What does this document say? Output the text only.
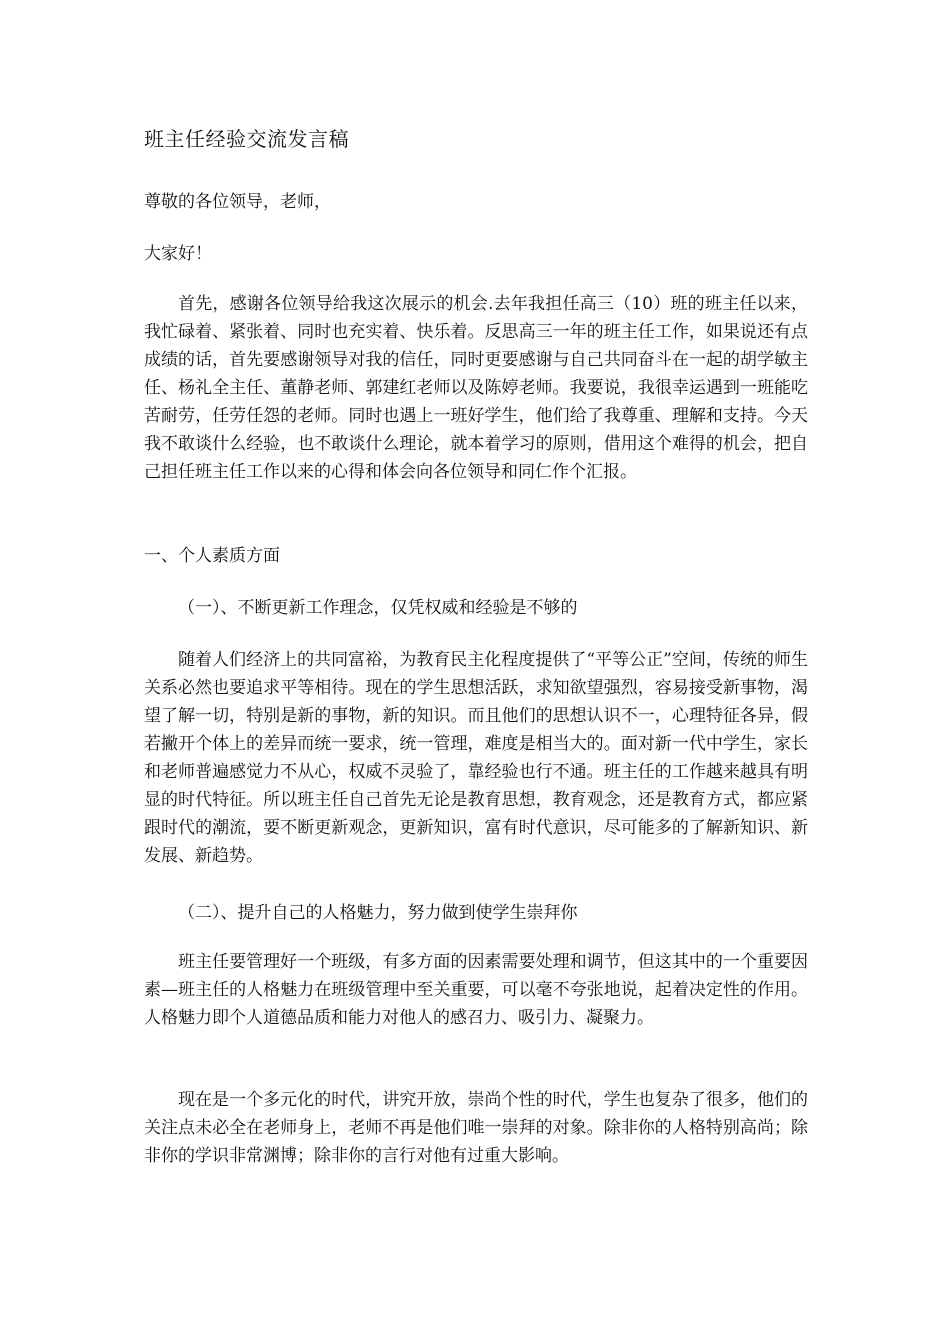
班主任经验交流发言稿

尊敬的各位领导，老师，

大家好！

首先，感谢各位领导给我这次展示的机会.去年我担任高三（10）班的班主任以来，我忙碌着、紧张着、同时也充实着、快乐着。反思高三一年的班主任工作，如果说还有点成绩的话，首先要感谢领导对我的信任，同时更要感谢与自己共同奋斗在一起的胡学敏主任、杨礼全主任、董静老师、郭建红老师以及陈婷老师。我要说，我很幸运遇到一班能吃苦耐劳，任劳任怨的老师。同时也遇上一班好学生，他们给了我尊重、理解和支持。今天我不敢谈什么经验，也不敢谈什么理论，就本着学习的原则，借用这个难得的机会，把自己担任班主任工作以来的心得和体会向各位领导和同仁作个汇报。

一、个人素质方面

（一）、不断更新工作理念，仅凭权威和经验是不够的

随着人们经济上的共同富裕，为教育民主化程度提供了“平等公正”空间，传统的师生关系必然也要追求平等相待。现在的学生思想活跃，求知欲望强烈，容易接受新事物，渴望了解一切，特别是新的事物，新的知识。而且他们的思想认识不一，心理特征各异，假若撇开个体上的差异而统一要求，统一管理，难度是相当大的。面对新一代中学生，家长和老师普遍感觉力不从心，权威不灵验了，靠经验也行不通。班主任的工作越来越具有明显的时代特征。所以班主任自己首先无论是教育思想，教育观念，还是教育方式，都应紧跟时代的潮流，要不断更新观念，更新知识，富有时代意识，尽可能多的了解新知识、新发展、新趋势。

（二）、提升自己的人格魅力，努力做到使学生崇拜你

班主任要管理好一个班级，有多方面的因素需要处理和调节，但这其中的一个重要因素—班主任的人格魅力在班级管理中至关重要，可以毫不夸张地说，起着决定性的作用。人格魅力即个人道德品质和能力对他人的感召力、吸引力、凝聚力。

现在是一个多元化的时代，讲究开放，崇尚个性的时代，学生也复杂了很多，他们的关注点未必全在老师身上，老师不再是他们唯一崇拜的对象。除非你的人格特别高尚；除非你的学识非常渊博；除非你的言行对他有过重大影响。
